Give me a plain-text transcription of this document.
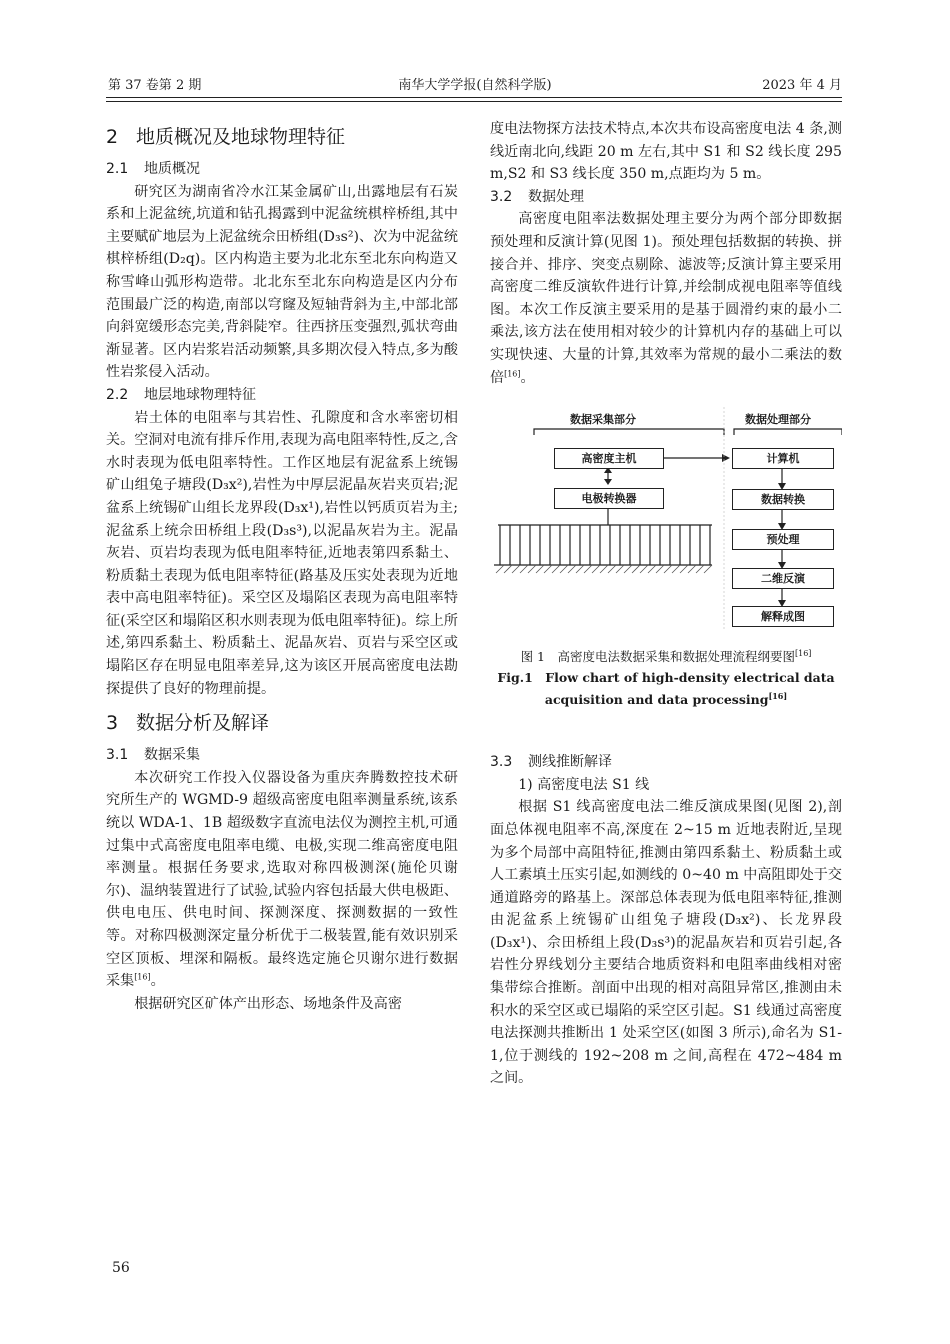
第 37 卷第 2 期	南华大学学报(自然科学版)	2023 年 4 月
2 地质概况及地球物理特征
2.1 地质概况

研究区为湖南省冷水江某金属矿山,出露地层有石炭系和上泥盆统,坑道和钻孔揭露到中泥盆统棋梓桥组,其中主要赋矿地层为上泥盆统佘田桥组(D₃s²)、次为中泥盆统棋梓桥组(D₂q)。区内构造主要为北北东至北东向构造又称雪峰山弧形构造带。北北东至北东向构造是区内分布范围最广泛的构造,南部以穹窿及短轴背斜为主,中部北部向斜宽缓形态完美,背斜陡窄。往西挤压变强烈,弧状弯曲渐显著。区内岩浆岩活动频繁,具多期次侵入特点,多为酸性岩浆侵入活动。

2.2 地层地球物理特征

岩土体的电阻率与其岩性、孔隙度和含水率密切相关。空洞对电流有排斥作用,表现为高电阻率特性,反之,含水时表现为低电阻率特性。工作区地层有泥盆系上统锡矿山组兔子塘段(D₃x²),岩性为中厚层泥晶灰岩夹页岩;泥盆系上统锡矿山组长龙界段(D₃x¹),岩性以钙质页岩为主;泥盆系上统佘田桥组上段(D₃s³),以泥晶灰岩为主。泥晶灰岩、页岩均表现为低电阻率特征,近地表第四系黏土、粉质黏土表现为低电阻率特征(路基及压实处表现为近地表中高电阻率特征)。采空区及塌陷区表现为高电阻率特征(采空区和塌陷区积水则表现为低电阻率特征)。综上所述,第四系黏土、粉质黏土、泥晶灰岩、页岩与采空区或塌陷区存在明显电阻率差异,这为该区开展高密度电法勘探提供了良好的物理前提。

3 数据分析及解译
3.1 数据采集

本次研究工作投入仪器设备为重庆奔腾数控技术研究所生产的 WGMD-9 超级高密度电阻率测量系统,该系统以 WDA-1、1B 超级数字直流电法仪为测控主机,可通过集中式高密度电阻率电缆、电极,实现二维高密度电阻率测量。根据任务要求,选取对称四极测深(施伦贝谢尔)、温纳装置进行了试验,试验内容包括最大供电极距、供电电压、供电时间、探测深度、探测数据的一致性等。对称四极测深定量分析优于二极装置,能有效识别采空区顶板、埋深和隔板。最终选定施仑贝谢尔进行数据采集[16]。

根据研究区矿体产出形态、场地条件及高密

度电法物探方法技术特点,本次共布设高密度电法 4 条,测线近南北向,线距 20 m 左右,其中 S1 和 S2 线长度 295 m,S2 和 S3 线长度 350 m,点距均为 5 m。

3.2 数据处理

高密度电阻率法数据处理主要分为两个部分即数据预处理和反演计算(见图 1)。预处理包括数据的转换、拼接合并、排序、突变点剔除、滤波等;反演计算主要采用高密度二维反演软件进行计算,并绘制成视电阻率等值线图。本次工作反演主要采用的是基于圆滑约束的最小二乘法,该方法在使用相对较少的计算机内存的基础上可以实现快速、大量的计算,其效率为常规的最小二乘法的数倍[16]。

数据采集部分	数据处理部分
高密度主机
电极转换器
计算机
数据转换
预处理
二维反演
解释成图
图 1　高密度电法数据采集和数据处理流程纲要图[16]
Fig.1　Flow chart of high-density electrical data
acquisition and data processing[16]
3.3 测线推断解译

1) 高密度电法 S1 线

根据 S1 线高密度电法二维反演成果图(见图 2),剖面总体视电阻率不高,深度在 2~15 m 近地表附近,呈现为多个局部中高阻特征,推测由第四系黏土、粉质黏土或人工素填土压实引起,如测线的 0~40 m 中高阻即处于交通道路旁的路基上。深部总体表现为低电阻率特征,推测由泥盆系上统锡矿山组兔子塘段(D₃x²)、长龙界段(D₃x¹)、佘田桥组上段(D₃s³)的泥晶灰岩和页岩引起,各岩性分界线划分主要结合地质资料和电阻率曲线相对密集带综合推断。剖面中出现的相对高阻异常区,推测由未积水的采空区或已塌陷的采空区引起。S1 线通过高密度电法探测共推断出 1 处采空区(如图 3 所示),命名为 S1-1,位于测线的 192~208 m 之间,高程在 472~484 m 之间。

56
